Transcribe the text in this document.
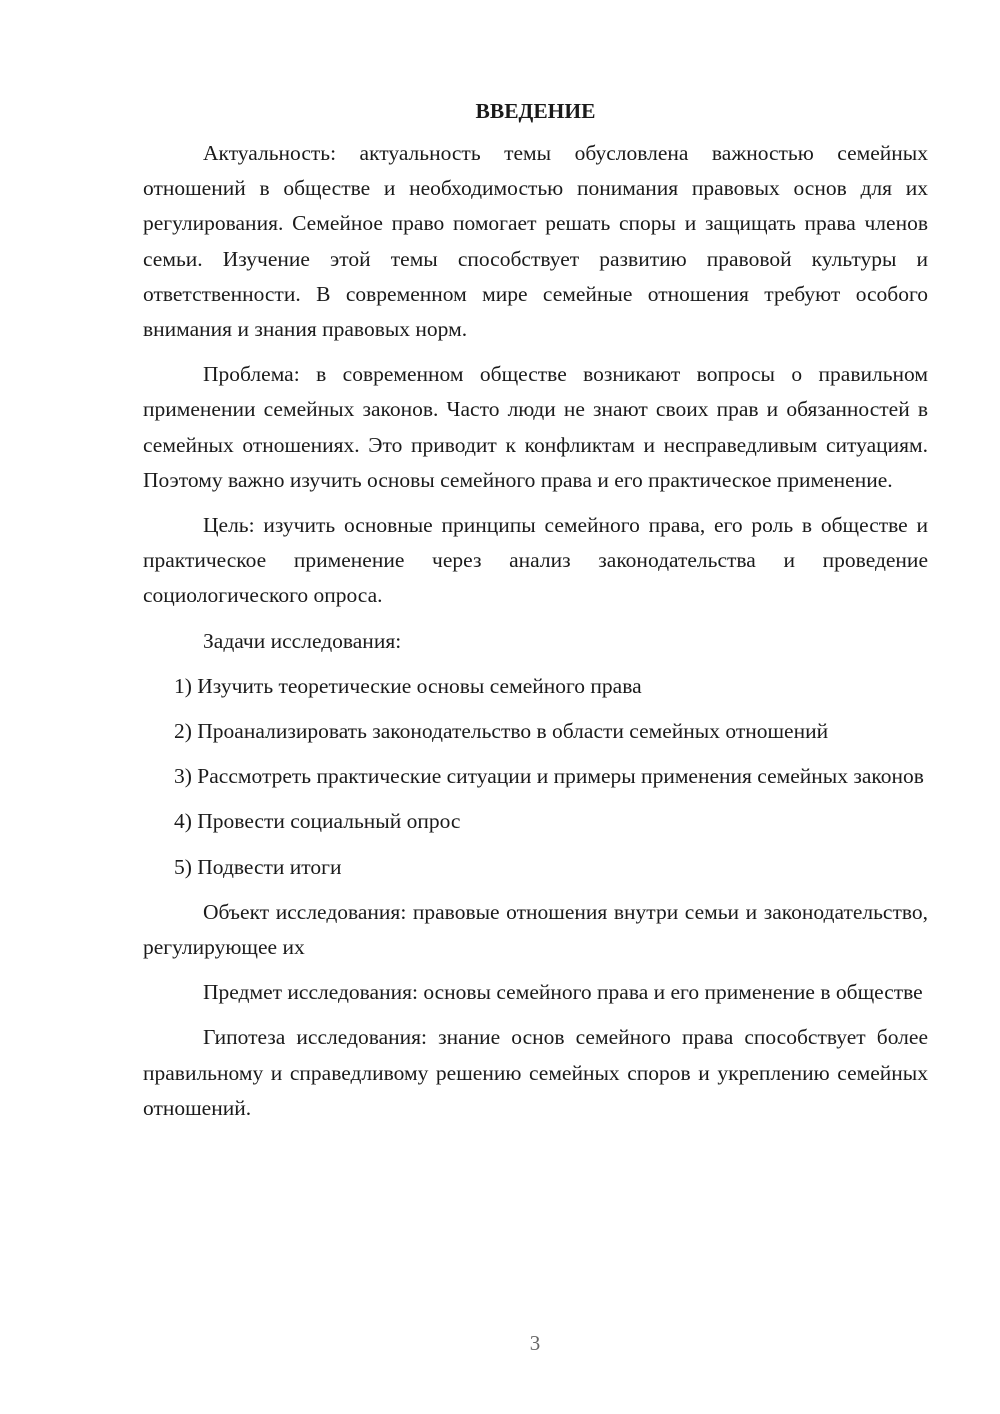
ВВЕДЕНИЕ

Актуальность: актуальность темы обусловлена важностью семейных отношений в обществе и необходимостью понимания правовых основ для их регулирования. Семейное право помогает решать споры и защищать права членов семьи. Изучение этой темы способствует развитию правовой культуры и ответственности. В современном мире семейные отношения требуют особого внимания и знания правовых норм.

Проблема: в современном обществе возникают вопросы о правильном применении семейных законов. Часто люди не знают своих прав и обязанностей в семейных отношениях. Это приводит к конфликтам и несправедливым ситуациям. Поэтому важно изучить основы семейного права и его практическое применение.

Цель: изучить основные принципы семейного права, его роль в обществе и практическое применение через анализ законодательства и проведение социологического опроса.

Задачи исследования:

1) Изучить теоретические основы семейного права

2) Проанализировать законодательство в области семейных отношений

3) Рассмотреть практические ситуации и примеры применения семейных законов

4) Провести социальный опрос

5) Подвести итоги

Объект исследования: правовые отношения внутри семьи и законодательство, регулирующее их

Предмет исследования: основы семейного права и его применение в обществе

Гипотеза исследования: знание основ семейного права способствует более правильному и справедливому решению семейных споров и укреплению семейных отношений.

3
